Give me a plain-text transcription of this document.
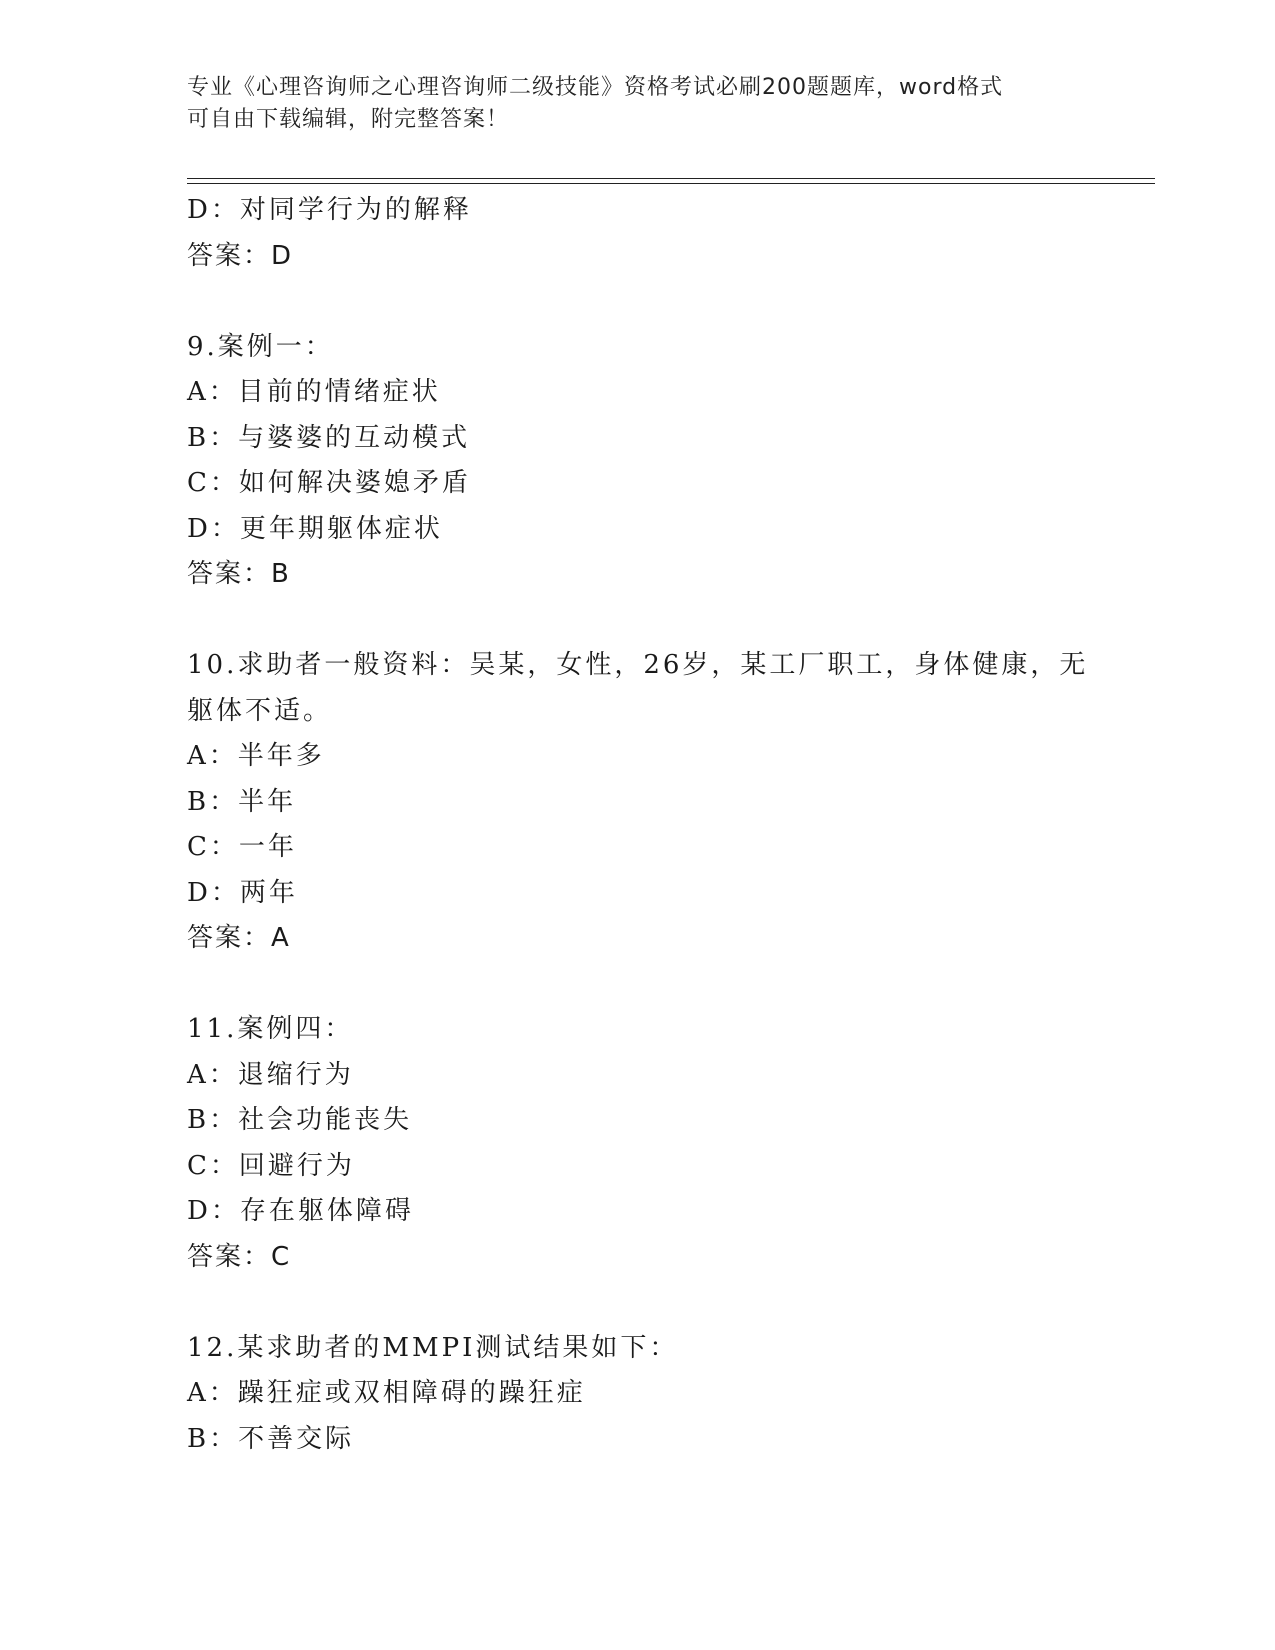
专业《心理咨询师之心理咨询师二级技能》资格考试必刷200题题库，word格式
可自由下载编辑，附完整答案！
D：对同学行为的解释
答案：D
9.案例一：
A：目前的情绪症状
B：与婆婆的互动模式
C：如何解决婆媳矛盾
D：更年期躯体症状
答案：B
10.求助者一般资料：吴某，女性，26岁，某工厂职工，身体健康，无
躯体不适。
A：半年多
B：半年
C：一年
D：两年
答案：A
11.案例四：
A：退缩行为
B：社会功能丧失
C：回避行为
D：存在躯体障碍
答案：C
12.某求助者的MMPI测试结果如下：
A：躁狂症或双相障碍的躁狂症
B：不善交际
